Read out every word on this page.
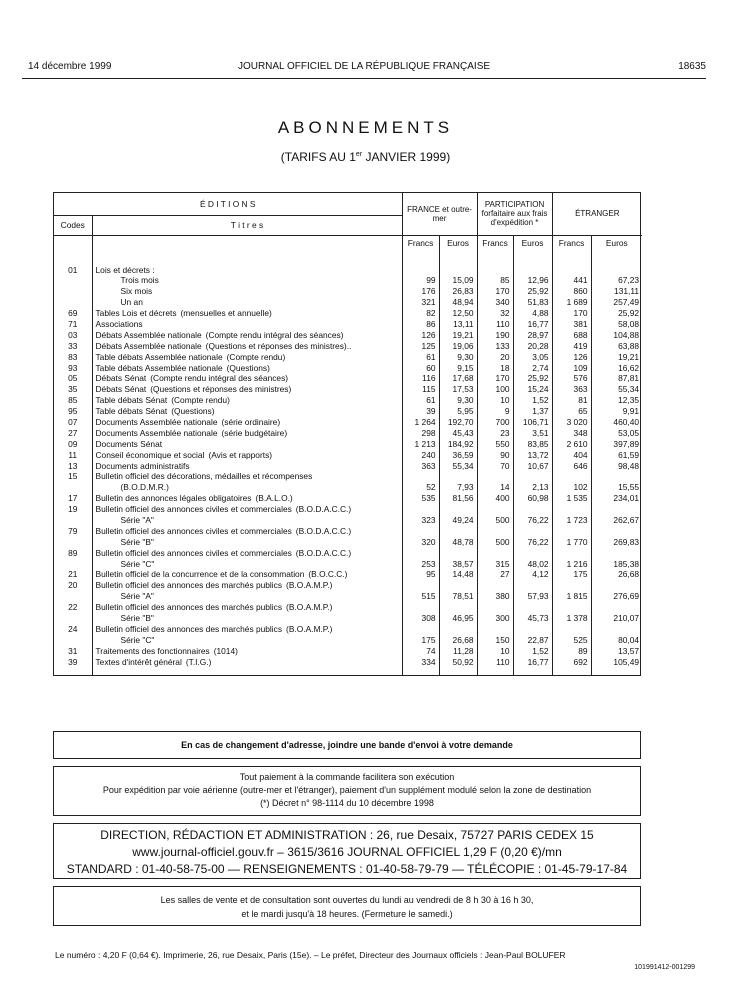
14 décembre 1999	JOURNAL OFFICIEL DE LA RÉPUBLIQUE FRANÇAISE	18635
ABONNEMENTS
(TARIFS AU 1er JANVIER 1999)
É D I T I O N S		FRANCE et outre-mer		PARTICIPATION forfaitaire aux frais d'expédition *		ÉTRANGER	
Codes	T i t r e s						
		Francs	Euros	Francs	Euros	Francs	Euros
01	Lois et décrets :						
	Trois mois	99	15,09	85	12,96	441	67,23
	Six mois	176	26,83	170	25,92	860	131,11
	Un an	321	48,94	340	51,83	1 689	257,49
69	Tables Lois et décrets (mensuelles et annuelle)	82	12,50	32	4,88	170	25,92
71	Associations	86	13,11	110	16,77	381	58,08
03	Débats Assemblée nationale (Compte rendu intégral des séances)	126	19,21	190	28,97	688	104,88
33	Débats Assemblée nationale (Questions et réponses des ministres)..	125	19,06	133	20,28	419	63,88
83	Table débats Assemblée nationale (Compte rendu)	61	9,30	20	3,05	126	19,21
93	Table débats Assemblée nationale (Questions)	60	9,15	18	2,74	109	16,62
05	Débats Sénat (Compte rendu intégral des séances)	116	17,68	170	25,92	576	87,81
35	Débats Sénat (Questions et réponses des ministres)	115	17,53	100	15,24	363	55,34
85	Table débats Sénat (Compte rendu)	61	9,30	10	1,52	81	12,35
95	Table débats Sénat (Questions)	39	5,95	9	1,37	65	9,91
07	Documents Assemblée nationale (série ordinaire)	1 264	192,70	700	106,71	3 020	460,40
27	Documents Assemblée nationale (série budgétaire)	298	45,43	23	3,51	348	53,05
09	Documents Sénat	1 213	184,92	550	83,85	2 610	397,89
11	Conseil économique et social (Avis et rapports)	240	36,59	90	13,72	404	61,59
13	Documents administratifs	363	55,34	70	10,67	646	98,48
15	Bulletin officiel des décorations, médailles et récompenses						
	(B.O.D.M.R.)	52	7,93	14	2,13	102	15,55
17	Bulletin des annonces légales obligatoires (B.A.L.O.)	535	81,56	400	60,98	1 535	234,01
19	Bulletin officiel des annonces civiles et commerciales (B.O.D.A.C.C.)						
	Série "A"	323	49,24	500	76,22	1 723	262,67
79	Bulletin officiel des annonces civiles et commerciales (B.O.D.A.C.C.)						
	Série "B"	320	48,78	500	76,22	1 770	269,83
89	Bulletin officiel des annonces civiles et commerciales (B.O.D.A.C.C.)						
	Série "C"	253	38,57	315	48,02	1 216	185,38
21	Bulletin officiel de la concurrence et de la consommation (B.O.C.C.)	95	14,48	27	4,12	175	26,68
20	Bulletin officiel des annonces des marchés publics (B.O.A.M.P.)						
	Série "A"	515	78,51	380	57,93	1 815	276,69
22	Bulletin officiel des annonces des marchés publics (B.O.A.M.P.)						
	Série "B"	308	46,95	300	45,73	1 378	210,07
24	Bulletin officiel des annonces des marchés publics (B.O.A.M.P.)						
	Série "C"	175	26,68	150	22,87	525	80,04
31	Traitements des fonctionnaires (1014)	74	11,28	10	1,52	89	13,57
39	Textes d'intérêt général (T.I.G.)	334	50,92	110	16,77	692	105,49

En cas de changement d'adresse, joindre une bande d'envoi à votre demande
Tout paiement à la commande facilitera son exécution
Pour expédition par voie aérienne (outre-mer et l'étranger), paiement d'un supplément modulé selon la zone de destination
(*) Décret n° 98-1114 du 10 décembre 1998
DIRECTION, RÉDACTION ET ADMINISTRATION : 26, rue Desaix, 75727 PARIS CEDEX 15
www.journal-officiel.gouv.fr – 3615/3616 JOURNAL OFFICIEL 1,29 F (0,20 €)/mn
STANDARD : 01-40-58-75-00 — RENSEIGNEMENTS : 01-40-58-79-79 — TÉLÉCOPIE : 01-45-79-17-84
Les salles de vente et de consultation sont ouvertes du lundi au vendredi de 8 h 30 à 16 h 30,
et le mardi jusqu'à 18 heures. (Fermeture le samedi.)
Le numéro : 4,20 F (0,64 €). Imprimerie, 26, rue Desaix, Paris (15e). – Le préfet, Directeur des Journaux officiels : Jean-Paul BOLUFER
101991412-001299
